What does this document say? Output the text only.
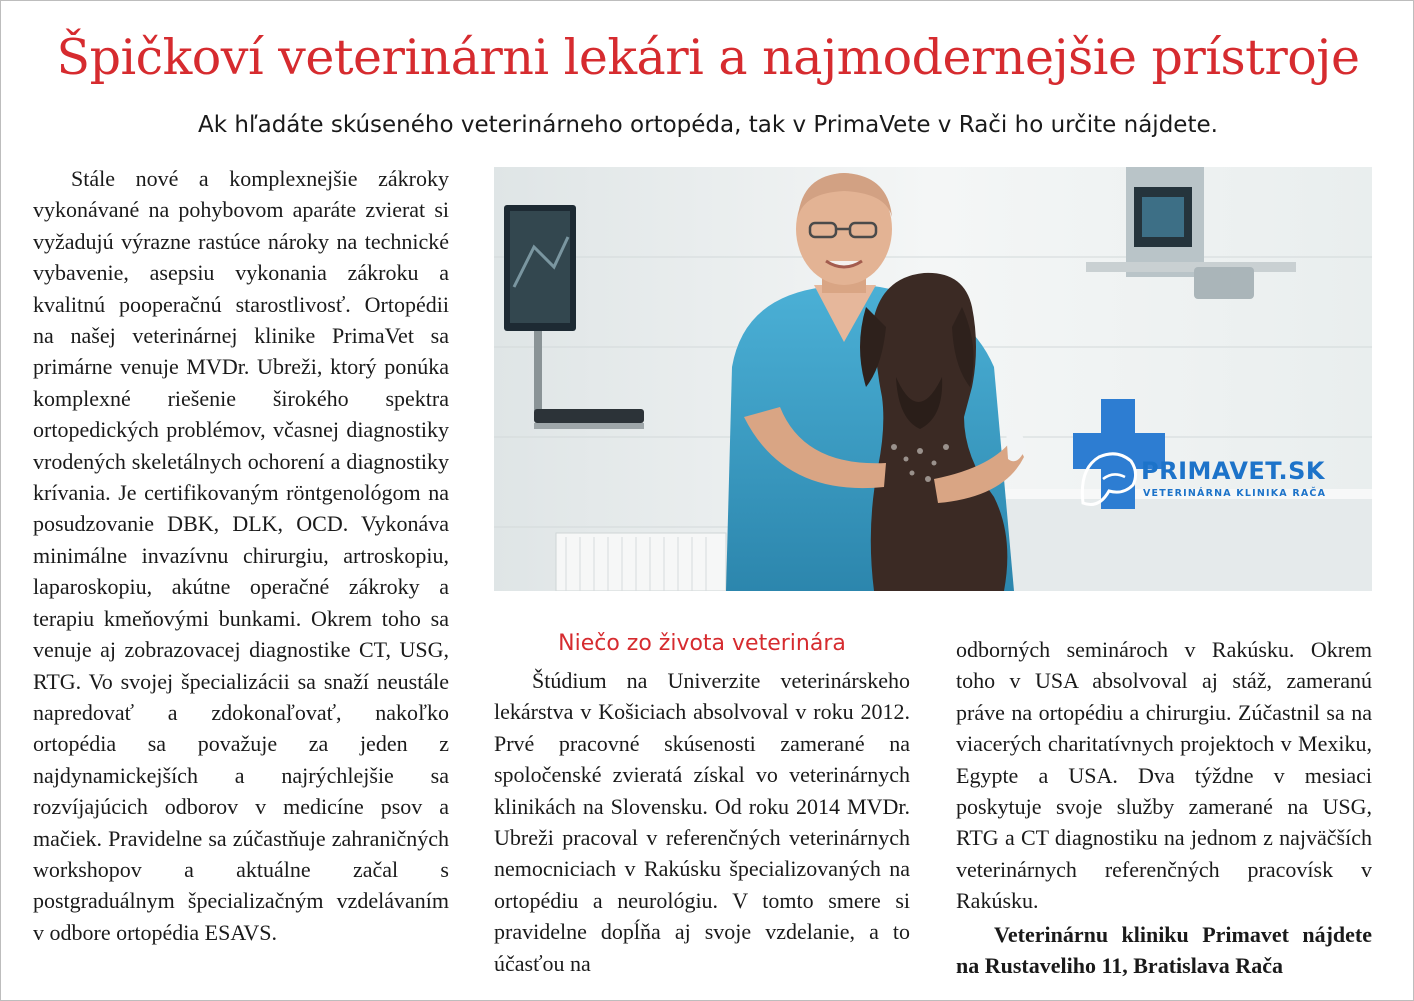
Špičkoví veterinárni lekári a najmodernejšie prístroje
Ak hľadáte skúseného veterinárneho ortopéda, tak v PrimaVete v Rači ho určite nájdete.

Stále nové a komplexnejšie zákroky vykonávané na pohybovom aparáte zvierat si vyžadujú výrazne rastúce nároky na technické vybavenie, asepsiu vykonania zákroku a kvalitnú pooperačnú starostlivosť. Ortopédii na našej veterinárnej klinike PrimaVet sa primárne venuje MVDr. Ubreži, ktorý ponúka komplexné riešenie širokého spektra ortopedických problémov, včasnej diagnostiky vrodených skeletálnych ochorení a diagnostiky krívania. Je certifikovaným röntgenológom na posudzovanie DBK, DLK, OCD. Vykonáva minimálne invazívnu chirurgiu, artroskopiu, laparoskopiu, akútne operačné zákroky a terapiu kmeňovými bunkami. Okrem toho sa venuje aj zobrazovacej diagnostike CT, USG, RTG. Vo svojej špecializácii sa snaží neustále napredovať a zdokonaľovať, nakoľko ortopédia sa považuje za jeden z najdynamickejších a najrýchlejšie sa rozvíjajúcich odborov v medicíne psov a mačiek. Pravidelne sa zúčastňuje zahraničných workshopov a aktuálne začal s postgraduálnym špecializačným vzdelávaním v odbore ortopédia ESAVS.

PRIMAVET.SK
VETERINÁRNA KLINIKA RAČA
Niečo zo života veterinára

Štúdium na Univerzite veterinárskeho lekárstva v Košiciach absolvoval v roku 2012. Prvé pracovné skúsenosti zamerané na spoločenské zvieratá získal vo veterinárnych klinikách na Slovensku. Od roku 2014 MVDr. Ubreži pracoval v referenčných veterinárnych nemocniciach v Rakúsku špecializovaných na ortopédiu a neurológiu. V tomto smere si pravidelne dopĺňa aj svoje vzdelanie, a to účasťou na

odborných seminároch v Rakúsku. Okrem toho v USA absolvoval aj stáž, zameranú práve na ortopédiu a chirurgiu. Zúčastnil sa na viacerých charitatívnych projektoch v Mexiku, Egypte a USA. Dva týždne v mesiaci poskytuje svoje služby zamerané na USG, RTG a CT diagnostiku na jednom z najväčších veterinárnych referenčných pracovísk v Rakúsku.

Veterinárnu kliniku Primavet nájdete na Rustaveliho 11, Bratislava Rača
